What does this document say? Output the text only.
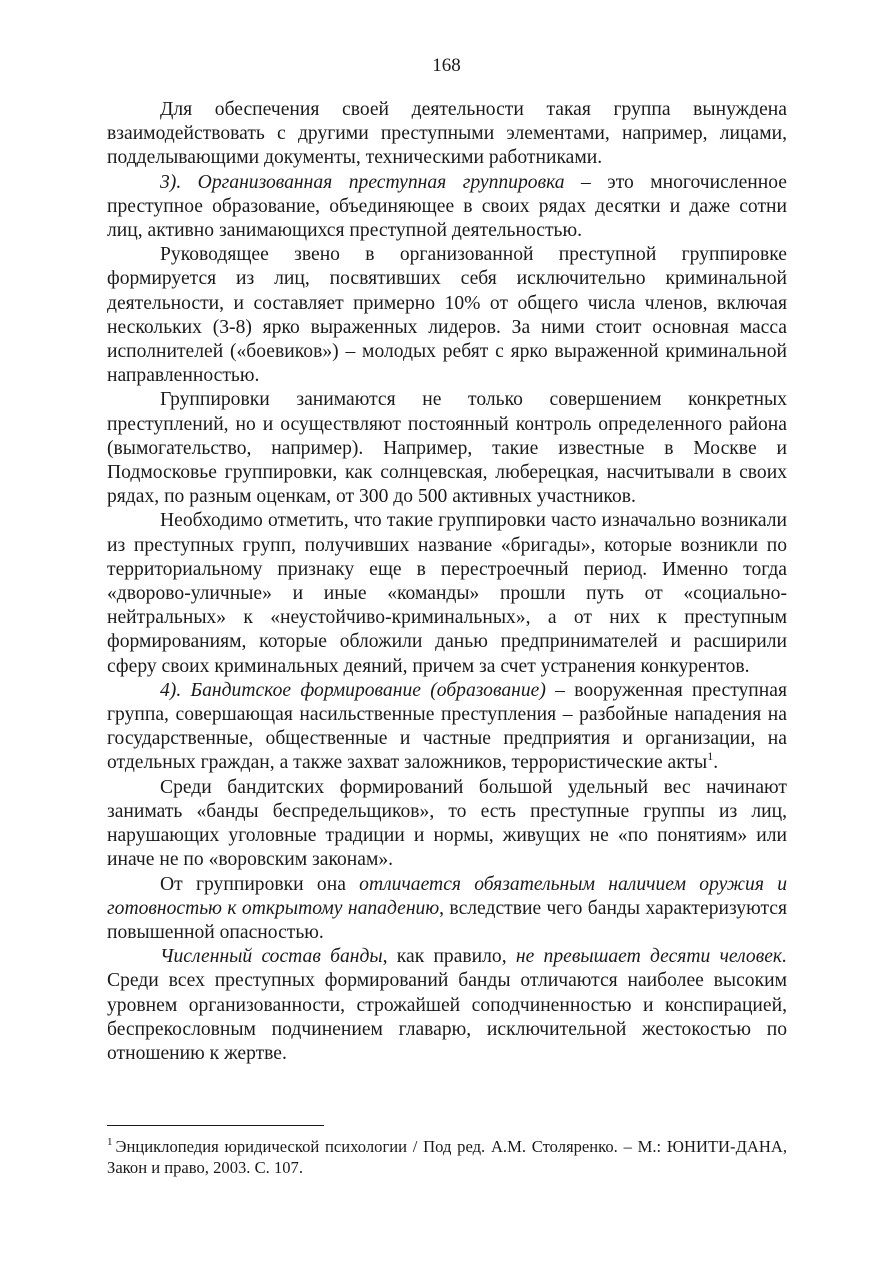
168

Для обеспечения своей деятельности такая группа вынуждена взаимодействовать с другими преступными элементами, например, лицами, подделывающими документы, техническими работниками.

3). Организованная преступная группировка – это многочисленное преступное образование, объединяющее в своих рядах десятки и даже сотни лиц, активно занимающихся преступной деятельностью.

Руководящее звено в организованной преступной группировке формируется из лиц, посвятивших себя исключительно криминальной деятельности, и составляет примерно 10% от общего числа членов, включая нескольких (3-8) ярко выраженных лидеров. За ними стоит основная масса исполнителей («боевиков») – молодых ребят с ярко выраженной криминальной направленностью.

Группировки занимаются не только совершением конкретных преступлений, но и осуществляют постоянный контроль определенного района (вымогательство, например). Например, такие известные в Москве и Подмосковье группировки, как солнцевская, люберецкая, насчитывали в своих рядах, по разным оценкам, от 300 до 500 активных участников.

Необходимо отметить, что такие группировки часто изначально возникали из преступных групп, получивших название «бригады», которые возникли по территориальному признаку еще в перестроечный период. Именно тогда «дворово-уличные» и иные «команды» прошли путь от «социально-нейтральных» к «неустойчиво-криминальных», а от них к преступным формированиям, которые обложили данью предпринимателей и расширили сферу своих криминальных деяний, причем за счет устранения конкурентов.

4). Бандитское формирование (образование) – вооруженная преступная группа, совершающая насильственные преступления – разбойные нападения на государственные, общественные и частные предприятия и организации, на отдельных граждан, а также захват заложников, террористические акты$^1$.

Среди бандитских формирований большой удельный вес начинают занимать «банды беспредельщиков», то есть преступные группы из лиц, нарушающих уголовные традиции и нормы, живущих не «по понятиям» или иначе не по «воровским законам».

От группировки она отличается обязательным наличием оружия и готовностью к открытому нападению, вследствие чего банды характеризуются повышенной опасностью.

Численный состав банды, как правило, не превышает десяти человек. Среди всех преступных формирований банды отличаются наиболее высоким уровнем организованности, строжайшей соподчиненностью и конспирацией, беспрекословным подчинением главарю, исключительной жестокостью по отношению к жертве.

$^1$ Энциклопедия юридической психологии / Под ред. А.М. Столяренко. – М.: ЮНИТИ-ДАНА, Закон и право, 2003. С. 107.
